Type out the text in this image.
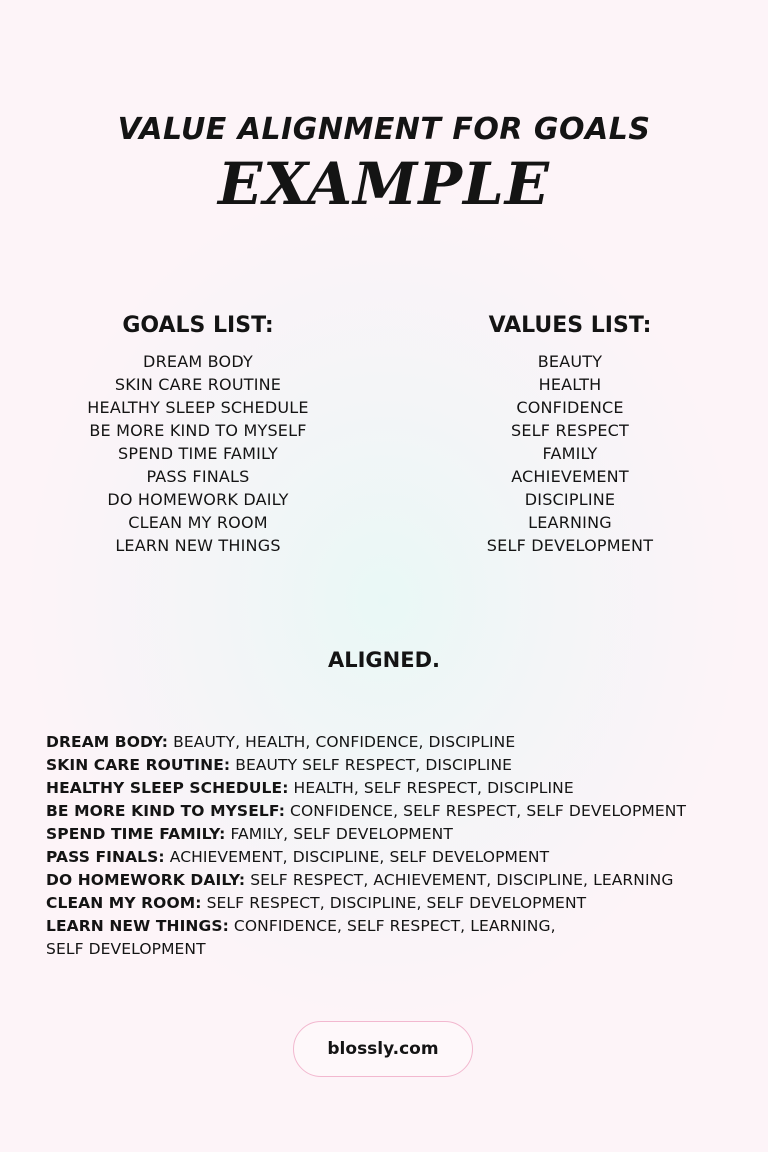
VALUE ALIGNMENT FOR GOALS
EXAMPLE
GOALS LIST:
DREAM BODY
SKIN CARE ROUTINE
HEALTHY SLEEP SCHEDULE
BE MORE KIND TO MYSELF
SPEND TIME FAMILY
PASS FINALS
DO HOMEWORK DAILY
CLEAN MY ROOM
LEARN NEW THINGS
VALUES LIST:
BEAUTY
HEALTH
CONFIDENCE
SELF RESPECT
FAMILY
ACHIEVEMENT
DISCIPLINE
LEARNING
SELF DEVELOPMENT
ALIGNED.
DREAM BODY: BEAUTY, HEALTH, CONFIDENCE, DISCIPLINE
SKIN CARE ROUTINE: BEAUTY SELF RESPECT, DISCIPLINE
HEALTHY SLEEP SCHEDULE: HEALTH, SELF RESPECT, DISCIPLINE
BE MORE KIND TO MYSELF: CONFIDENCE, SELF RESPECT, SELF DEVELOPMENT
SPEND TIME FAMILY: FAMILY, SELF DEVELOPMENT
PASS FINALS: ACHIEVEMENT, DISCIPLINE, SELF DEVELOPMENT
DO HOMEWORK DAILY: SELF RESPECT, ACHIEVEMENT, DISCIPLINE, LEARNING
CLEAN MY ROOM: SELF RESPECT, DISCIPLINE, SELF DEVELOPMENT
LEARN NEW THINGS: CONFIDENCE, SELF RESPECT, LEARNING,
SELF DEVELOPMENT
blossly.com
